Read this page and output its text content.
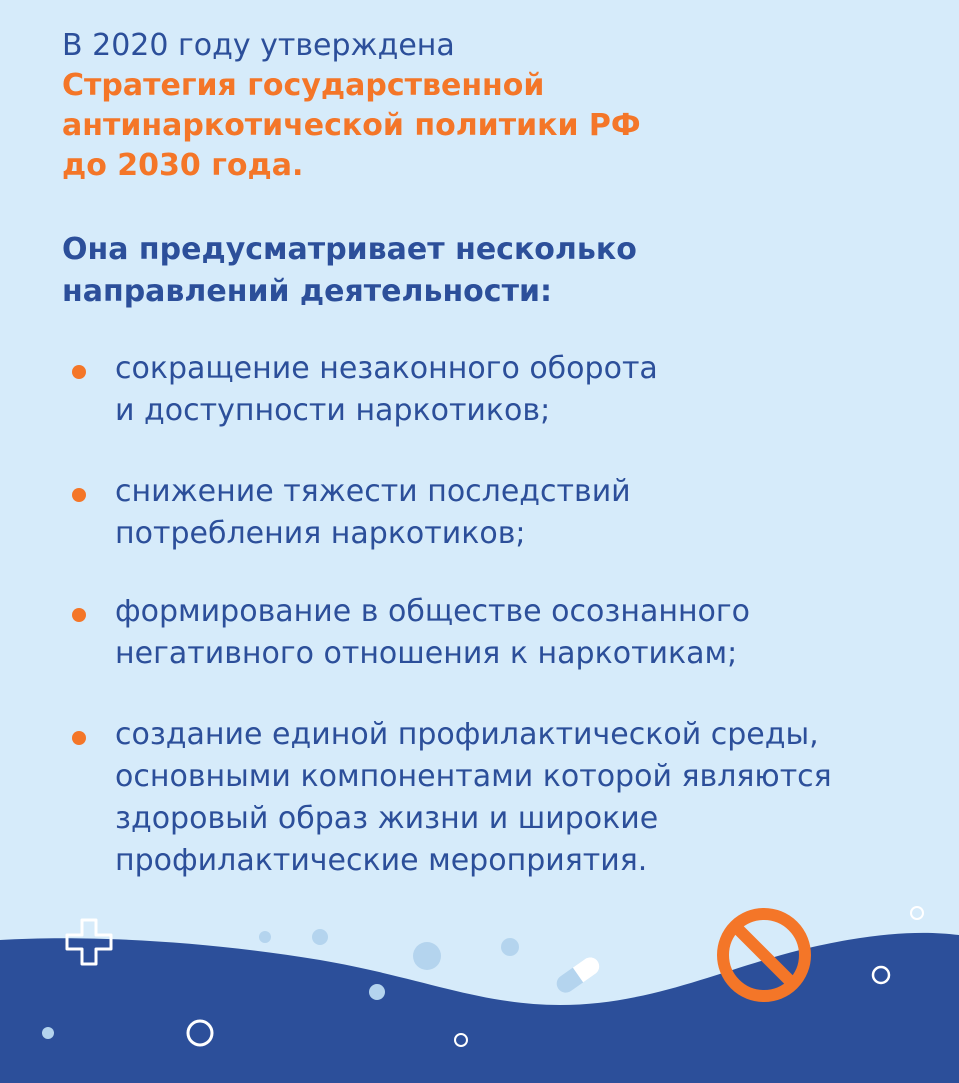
В 2020 году утверждена
Стратегия государственной
антинаркотической политики РФ
до 2030 года.
Она предусматривает несколько
направлений деятельности:
сокращение незаконного оборота
и доступности наркотиков;
снижение тяжести последствий
потребления наркотиков;
формирование в обществе осознанного
негативного отношения к наркотикам;
создание единой профилактической среды,
основными компонентами которой являются
здоровый образ жизни и широкие
профилактические мероприятия.
